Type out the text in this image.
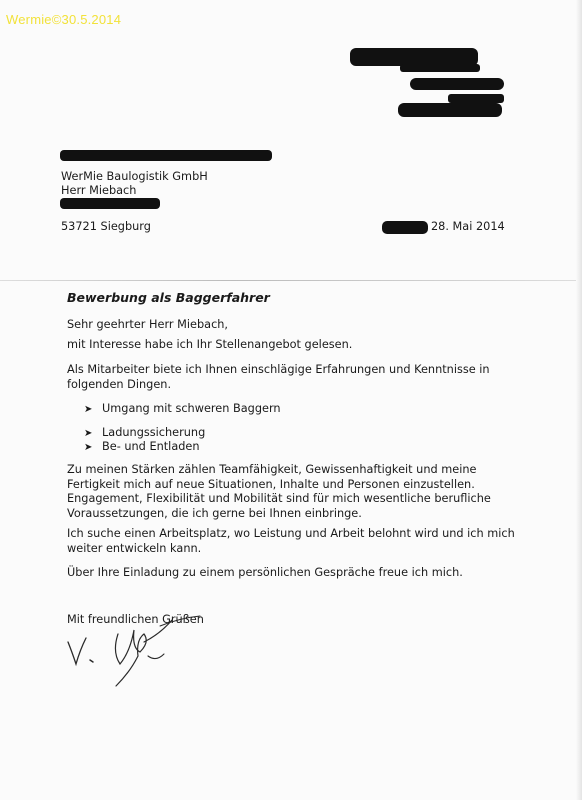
Wermie©30.5.2014
WerMie Baulogistik GmbH
Herr Miebach
53721 Siegburg	28. Mai 2014
Bewerbung als Baggerfahrer
Sehr geehrter Herr Miebach,
mit Interesse habe ich Ihr Stellenangebot gelesen.
Als Mitarbeiter biete ich Ihnen einschlägige Erfahrungen und Kenntnisse in
folgenden Dingen.
➤ Umgang mit schweren Baggern
➤ Ladungssicherung
➤ Be- und Entladen
Zu meinen Stärken zählen Teamfähigkeit, Gewissenhaftigkeit und meine
Fertigkeit mich auf neue Situationen, Inhalte und Personen einzustellen.
Engagement, Flexibilität und Mobilität sind für mich wesentliche berufliche
Voraussetzungen, die ich gerne bei Ihnen einbringe.
Ich suche einen Arbeitsplatz, wo Leistung und Arbeit belohnt wird und ich mich
weiter entwickeln kann.
Über Ihre Einladung zu einem persönlichen Gespräche freue ich mich.
Mit freundlichen Grüßen
